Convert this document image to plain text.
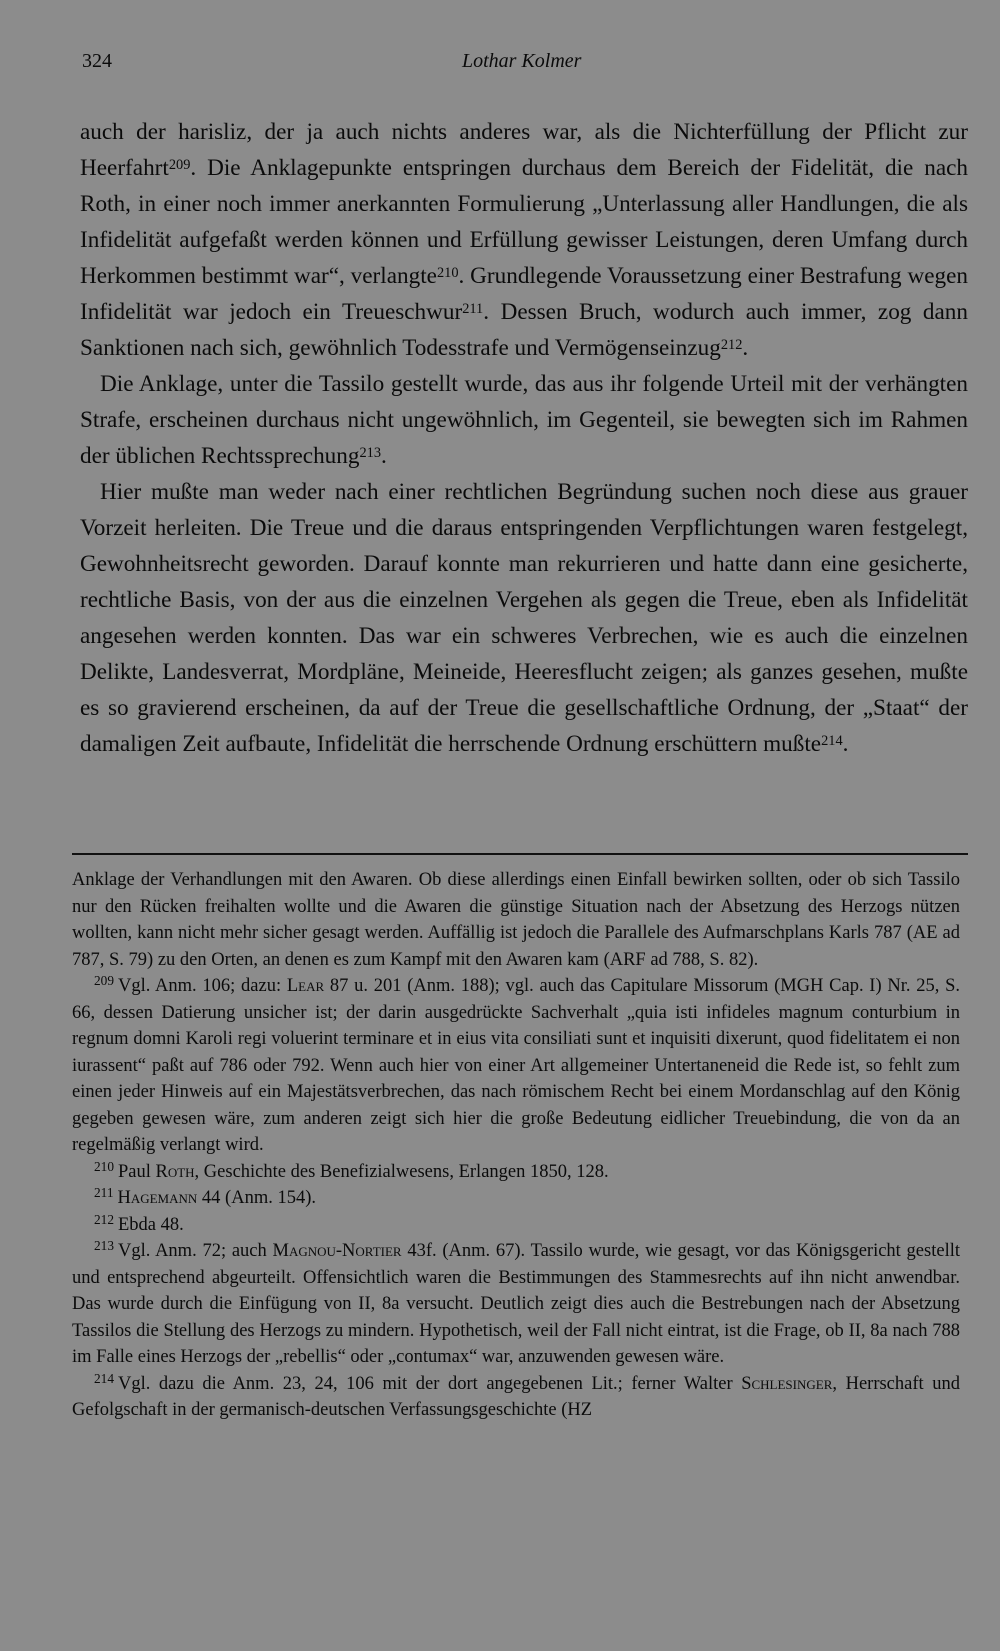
324	Lothar Kolmer

auch der harisliz, der ja auch nichts anderes war, als die Nichterfüllung der Pflicht zur Heerfahrt$^{209}$. Die Anklagepunkte entspringen durchaus dem Bereich der Fidelität, die nach Roth, in einer noch immer anerkannten Formulierung „Unterlassung aller Handlungen, die als Infidelität aufgefaßt werden können und Erfüllung gewisser Leistungen, deren Umfang durch Herkommen bestimmt war“, verlangte$^{210}$. Grundlegende Voraussetzung einer Bestrafung wegen Infidelität war jedoch ein Treueschwur$^{211}$. Dessen Bruch, wodurch auch immer, zog dann Sanktionen nach sich, gewöhnlich Todesstrafe und Vermögenseinzug$^{212}$.

Die Anklage, unter die Tassilo gestellt wurde, das aus ihr folgende Urteil mit der verhängten Strafe, erscheinen durchaus nicht ungewöhnlich, im Gegenteil, sie bewegten sich im Rahmen der üblichen Rechtssprechung$^{213}$.

Hier mußte man weder nach einer rechtlichen Begründung suchen noch diese aus grauer Vorzeit herleiten. Die Treue und die daraus entspringenden Verpflichtungen waren festgelegt, Gewohnheitsrecht geworden. Darauf konnte man rekurrieren und hatte dann eine gesicherte, rechtliche Basis, von der aus die einzelnen Vergehen als gegen die Treue, eben als Infidelität angesehen werden konnten. Das war ein schweres Verbrechen, wie es auch die einzelnen Delikte, Landesverrat, Mordpläne, Meineide, Heeresflucht zeigen; als ganzes gesehen, mußte es so gravierend erscheinen, da auf der Treue die gesellschaftliche Ordnung, der „Staat“ der damaligen Zeit aufbaute, Infidelität die herrschende Ordnung erschüttern mußte$^{214}$.

Anklage der Verhandlungen mit den Awaren. Ob diese allerdings einen Einfall bewirken sollten, oder ob sich Tassilo nur den Rücken freihalten wollte und die Awaren die günstige Situation nach der Absetzung des Herzogs nützen wollten, kann nicht mehr sicher gesagt werden. Auffällig ist jedoch die Parallele des Aufmarschplans Karls 787 (AE ad 787, S. 79) zu den Orten, an denen es zum Kampf mit den Awaren kam (ARF ad 788, S. 82).

$^{209}$ Vgl. Anm. 106; dazu: Lear 87 u. 201 (Anm. 188); vgl. auch das Capitulare Missorum (MGH Cap. I) Nr. 25, S. 66, dessen Datierung unsicher ist; der darin ausgedrückte Sachverhalt „quia isti infideles magnum conturbium in regnum domni Karoli regi voluerint terminare et in eius vita consiliati sunt et inquisiti dixerunt, quod fidelitatem ei non iurassent“ paßt auf 786 oder 792. Wenn auch hier von einer Art allgemeiner Untertaneneid die Rede ist, so fehlt zum einen jeder Hinweis auf ein Majestätsverbrechen, das nach römischem Recht bei einem Mordanschlag auf den König gegeben gewesen wäre, zum anderen zeigt sich hier die große Bedeutung eidlicher Treuebindung, die von da an regelmäßig verlangt wird.

$^{210}$ Paul Roth, Geschichte des Benefizialwesens, Erlangen 1850, 128.

$^{211}$ Hagemann 44 (Anm. 154).

$^{212}$ Ebda 48.

$^{213}$ Vgl. Anm. 72; auch Magnou-Nortier 43f. (Anm. 67). Tassilo wurde, wie gesagt, vor das Königsgericht gestellt und entsprechend abgeurteilt. Offensichtlich waren die Bestimmungen des Stammesrechts auf ihn nicht anwendbar. Das wurde durch die Einfügung von II, 8a versucht. Deutlich zeigt dies auch die Bestrebungen nach der Absetzung Tassilos die Stellung des Herzogs zu mindern. Hypothetisch, weil der Fall nicht eintrat, ist die Frage, ob II, 8a nach 788 im Falle eines Herzogs der „rebellis“ oder „contumax“ war, anzuwenden gewesen wäre.

$^{214}$ Vgl. dazu die Anm. 23, 24, 106 mit der dort angegebenen Lit.; ferner Walter Schlesinger, Herrschaft und Gefolgschaft in der germanisch-deutschen Verfassungsgeschichte (HZ
